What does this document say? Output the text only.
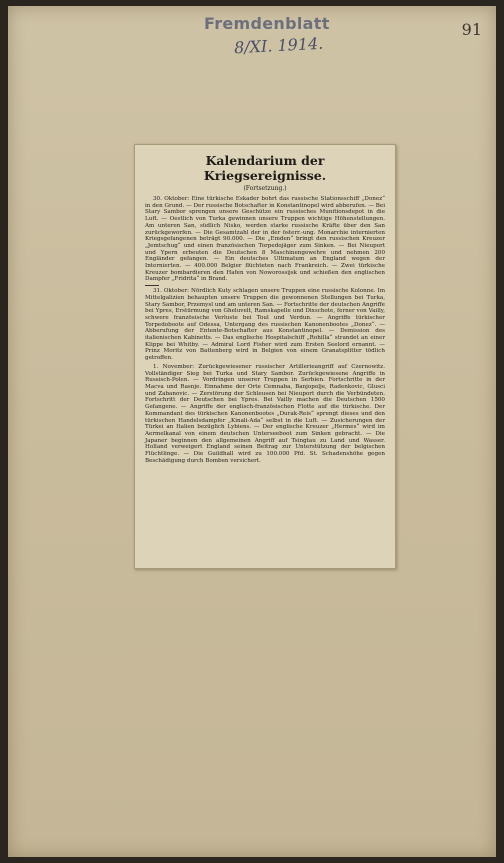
Fremdenblatt	91
8/XI. 1914.
Kalendarium der Kriegsereignisse.
(Fortsetzung.)

30. Oktober: Eine türkische Eskader bohrt das russische Stationsschiff „Donez“ in den Grund. — Der russische Botschafter in Konstantinopel wird abberufen. — Bei Stary Sambor sprengen unsere Geschütze ein russisches Munitionsdepot in die Luft. — Oestlich von Turka gewinnen unsere Truppen wichtige Höhenstellungen. Am unteren San, südlich Nisko, werden starke russische Kräfte über den San zurückgeworfen. — Die Gesamtzahl der in der österr.-ung. Monarchie internierten Kriegsgefangenen beträgt 90.000. — Die „Emden“ bringt den russischen Kreuzer „Jemtschug“ und einen französischen Torpedojäger zum Sinken. — Bei Nieuport und Ypern erbeuten die Deutschen 8 Maschinengewehre und nehmen 200 Engländer gefangen. — Ein deutsches Ultimatum an England wegen der Internierten. — 400.000 Belgier flüchteten nach Frankreich. — Zwei türkische Kreuzer bombardieren den Hafen von Noworossijsk und schießen den englischen Dampfer „Fridrita“ in Brand.

31. Oktober: Nördlich Kuty schlagen unsere Truppen eine russische Kolonne. Im Mittelgalizien behaupten unsere Truppen die gewonnenen Stellungen bei Turka, Stary Sambor, Przemysl und am unteren San. — Fortschritte der deutschen Angriffe bei Ypres, Erstürmung von Gheluvelt, Ramskapelle und Dixschote, ferner von Vailly, schwere französische Verluste bei Toul und Verdun. — Angriffe türkischer Torpedoboote auf Odessa, Untergang des russischen Kanonenbootes „Donez“. — Abberufung der Entente-Botschafter aus Konstantinopel. — Demission des italienischen Kabinetts. — Das englische Hospitalschiff „Rohilla“ strandet an einer Klippe bei Whitby. — Admiral Lord Fisher wird zum Ersten Seelord ernannt. — Prinz Moritz von Battenberg wird in Belgien von einem Granatsplitter tödlich getroffen.

1. November: Zurückgewiesener russischer Artillerieangriff auf Czernowitz. Vollständiger Sieg bei Turka und Stary Sambor. Zurückgewiesene Angriffe in Russisch-Polen. — Vordringen unserer Truppen in Serbien. Fortschritte in der Macva und Rasnje. Einnahme der Orte Cemnaba, Banjopolje, Radenkovic, Glusci und Zabanovic. — Zerstörung der Schleusen bei Nieuport durch die Verbündeten. Fortschritt der Deutschen bei Ypres. Bei Vailly machen die Deutschen 1500 Gefangene. — Angriffe der englisch-französischen Flotte auf die türkische. Der Kommandant des türkischen Kanonenbootes „Durak-Reis“ sprengt dieses und den türkischen Handelsdampfer „Kinali-Ada“ selbst in die Luft. — Zusicherungen der Türkei an Italien bezüglich Lybiens. — Der englische Kreuzer „Hermes“ wird im Aermelkanal von einem deutschen Unterseeboot zum Sinken gebracht. — Die Japaner beginnen den allgemeinen Angriff auf Tsingtau zu Land und Wasser. Holland verweigert England seinen Beitrag zur Unterstützung der belgischen Flüchtlinge. — Die Guildhall wird zu 100.000 Pfd. St. Schadenshöhe gegen Beschädigung durch Bomben versichert.
